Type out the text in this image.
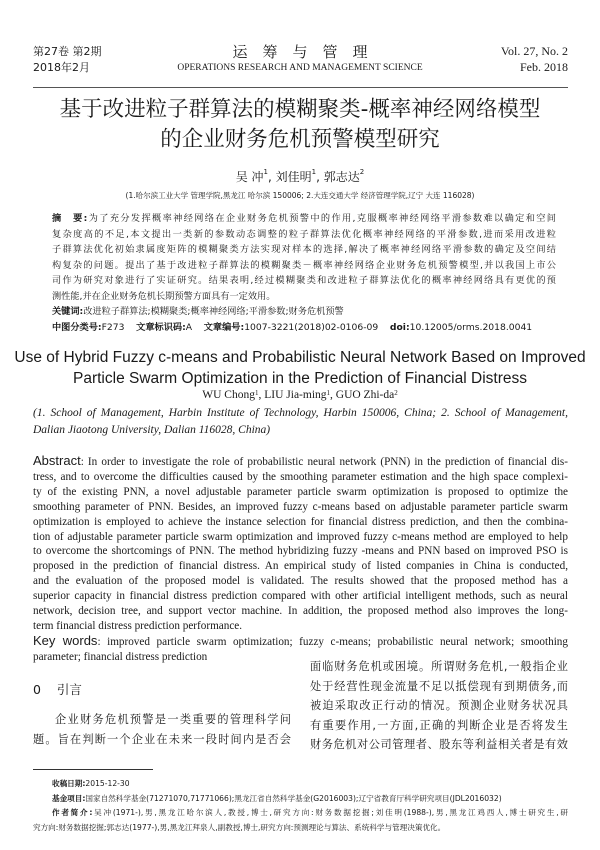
第27卷 第2期
2018年2月
运　筹　与　管　理
OPERATIONS RESEARCH AND MANAGEMENT SCIENCE
Vol. 27, No. 2
Feb. 2018
基于改进粒子群算法的模糊聚类-概率神经网络模型
的企业财务危机预警模型研究
吴 冲$^1$, 刘佳明$^1$, 郭志达$^2$
(1.哈尔滨工业大学 管理学院,黑龙江 哈尔滨 150006; 2.大连交通大学 经济管理学院,辽宁 大连 116028)
摘　要:为了充分发挥概率神经网络在企业财务危机预警中的作用,克服概率神经网络平滑参数难以确定和空间
复杂度高的不足,本文提出一类新的参数动态调整的粒子群算法优化概率神经网络的平滑参数,进而采用改进粒
子群算法优化初始隶属度矩阵的模糊聚类方法实现对样本的选择,解决了概率神经网络平滑参数的确定及空间结
构复杂的问题。提出了基于改进粒子群算法的模糊聚类－概率神经网络企业财务危机预警模型,并以我国上市公
司作为研究对象进行了实证研究。结果表明,经过模糊聚类和改进粒子群算法优化的概率神经网络具有更优的预
测性能,并在企业财务危机长期预警方面具有一定效用。
关键词:改进粒子群算法;模糊聚类;概率神经网络;平滑参数;财务危机预警
中图分类号:F273 文章标识码:A 文章编号:1007-3221(2018)02-0106-09 doi:10.12005/orms.2018.0041
Use of Hybrid Fuzzy c-means and Probabilistic Neural Network Based on Improved
Particle Swarm Optimization in the Prediction of Financial Distress
WU Chong$^1$, LIU Jia-ming$^1$, GUO Zhi-$da^2$
(1. School of Management, Harbin Institute of Technology, Harbin 150006, China; 2. School of Management,
Dalian Jiaotong University, Dalian 116028, China)
Abstract: In order to investigate the role of probabilistic neural network (PNN) in the prediction of financial dis-
tress, and to overcome the difficulties caused by the smoothing parameter estimation and the high space complexi-
ty of the existing PNN, a novel adjustable parameter particle swarm optimization is proposed to optimize the
smoothing parameter of PNN. Besides, an improved fuzzy c-means based on adjustable parameter particle swarm
optimization is employed to achieve the instance selection for financial distress prediction, and then the combina-
tion of adjustable parameter particle swarm optimization and improved fuzzy c-means method are employed to help
to overcome the shortcomings of PNN. The method hybridizing fuzzy -means and PNN based on improved PSO is
proposed in the prediction of financial distress. An empirical study of listed companies in China is conducted,
and the evaluation of the proposed model is validated. The results showed that the proposed method has a
superior capacity in financial distress prediction compared with other artificial intelligent methods, such as neural
network, decision tree, and support vector machine. In addition, the proposed method also improves the long-
term financial distress prediction performance.
Key words: improved particle swarm optimization; fuzzy c-means; probabilistic neural network; smoothing
parameter; financial distress prediction
0 引言
企业财务危机预警是一类重要的管理科学问
题。旨在判断一个企业在未来一段时间内是否会
面临财务危机或困境。所谓财务危机,一般指企业
处于经营性现金流量不足以抵偿现有到期债务,而
被迫采取改正行动的情况。预测企业财务状况具
有重要作用,一方面,正确的判断企业是否将发生
财务危机对公司管理者、股东等利益相关者是有效
收稿日期:2015-12-30
基金项目:国家自然科学基金(71271070,71771066);黑龙江省自然科学基金(G2016003);辽宁省教育厅科学研究项目(JDL2016032)
作者简介:吴冲(1971-),男,黑龙江哈尔滨人,教授,博士,研究方向:财务数据挖掘;刘佳明(1988-),男,黑龙江鸡西人,博士研究生,研
究方向:财务数据挖掘;郭志达(1977-),男,黑龙江拜泉人,副教授,博士,研究方向:预测理论与算法、系统科学与管理决策优化。
